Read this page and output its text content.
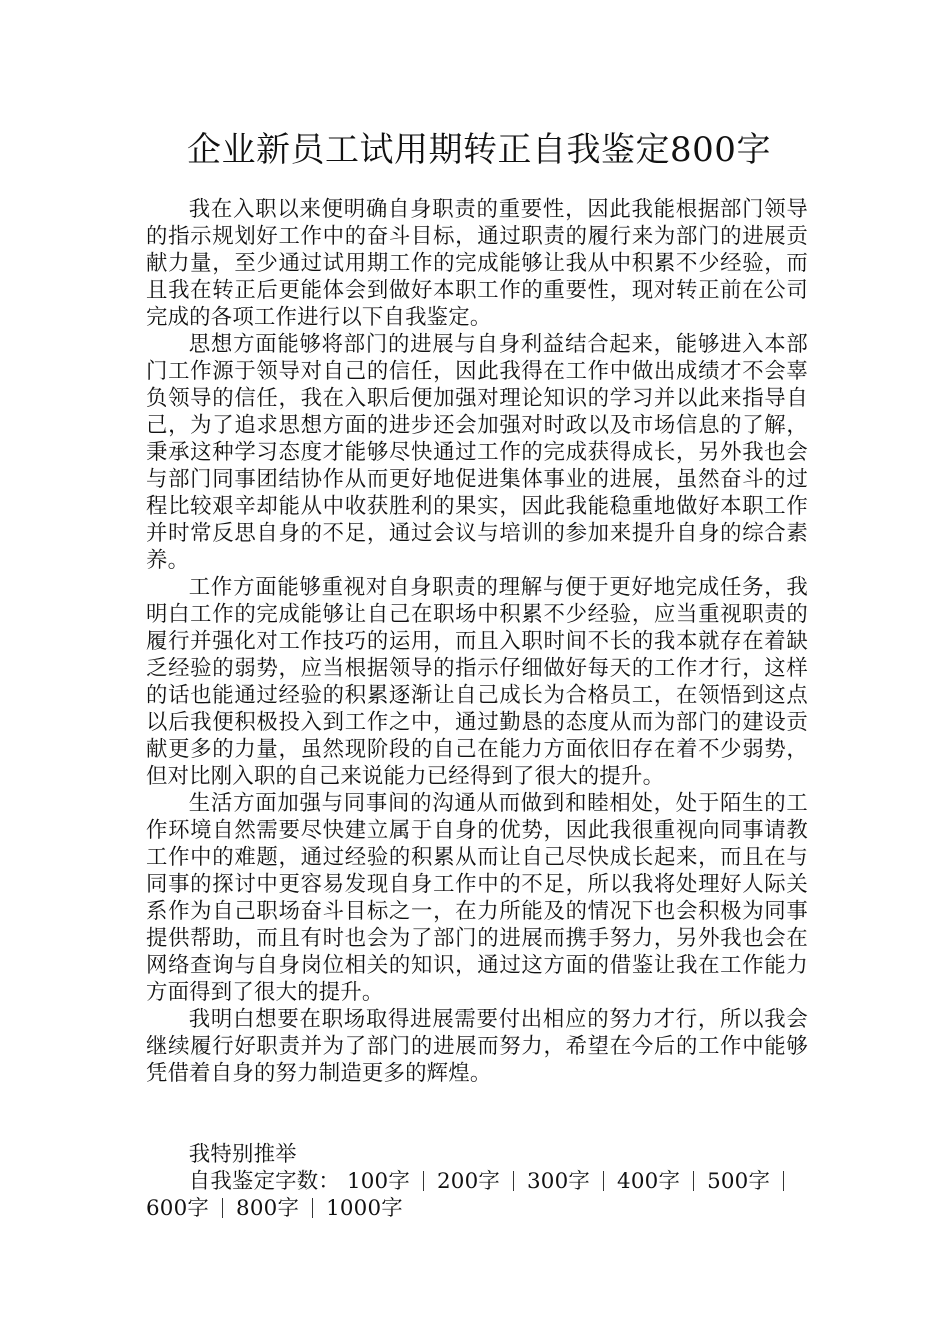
企业新员工试用期转正自我鉴定800字

我在入职以来便明确自身职责的重要性，因此我能根据部门领导的指示规划好工作中的奋斗目标，通过职责的履行来为部门的进展贡献力量，至少通过试用期工作的完成能够让我从中积累不少经验，而且我在转正后更能体会到做好本职工作的重要性，现对转正前在公司完成的各项工作进行以下自我鉴定。

思想方面能够将部门的进展与自身利益结合起来，能够进入本部门工作源于领导对自己的信任，因此我得在工作中做出成绩才不会辜负领导的信任，我在入职后便加强对理论知识的学习并以此来指导自己，为了追求思想方面的进步还会加强对时政以及市场信息的了解，秉承这种学习态度才能够尽快通过工作的完成获得成长，另外我也会与部门同事团结协作从而更好地促进集体事业的进展，虽然奋斗的过程比较艰辛却能从中收获胜利的果实，因此我能稳重地做好本职工作并时常反思自身的不足，通过会议与培训的参加来提升自身的综合素养。

工作方面能够重视对自身职责的理解与便于更好地完成任务，我明白工作的完成能够让自己在职场中积累不少经验，应当重视职责的履行并强化对工作技巧的运用，而且入职时间不长的我本就存在着缺乏经验的弱势，应当根据领导的指示仔细做好每天的工作才行，这样的话也能通过经验的积累逐渐让自己成长为合格员工，在领悟到这点以后我便积极投入到工作之中，通过勤恳的态度从而为部门的建设贡献更多的力量，虽然现阶段的自己在能力方面依旧存在着不少弱势，但对比刚入职的自己来说能力已经得到了很大的提升。

生活方面加强与同事间的沟通从而做到和睦相处，处于陌生的工作环境自然需要尽快建立属于自身的优势，因此我很重视向同事请教工作中的难题，通过经验的积累从而让自己尽快成长起来，而且在与同事的探讨中更容易发现自身工作中的不足，所以我将处理好人际关系作为自己职场奋斗目标之一，在力所能及的情况下也会积极为同事提供帮助，而且有时也会为了部门的进展而携手努力，另外我也会在网络查询与自身岗位相关的知识，通过这方面的借鉴让我在工作能力方面得到了很大的提升。

我明白想要在职场取得进展需要付出相应的努力才行，所以我会继续履行好职责并为了部门的进展而努力，希望在今后的工作中能够凭借着自身的努力制造更多的辉煌。

我特别推举

自我鉴定字数： 100字 200字 300字 400字 500字600字 800字 1000字
